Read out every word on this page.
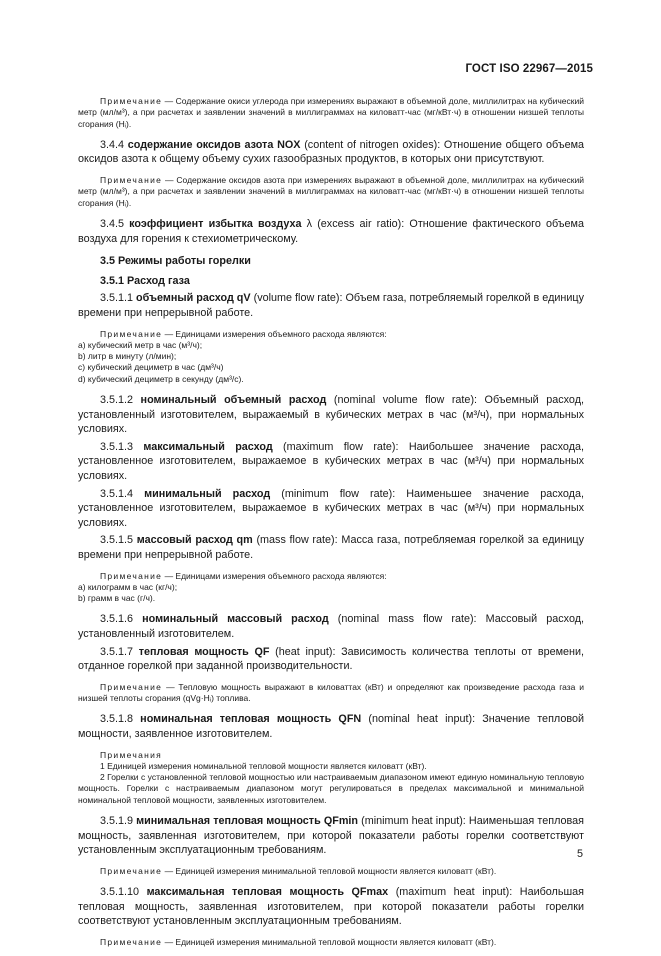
ГОСТ ISO 22967—2015

Примечание — Содержание окиси углерода при измерениях выражают в объемной доле, миллилитрах на кубический метр (мл/м³), а при расчетах и заявлении значений в миллиграммах на киловатт-час (мг/кВт·ч) в отношении низшей теплоты сгорания (Hᵢ).

3.4.4 содержание оксидов азота NOX (content of nitrogen oxides): Отношение общего объема оксидов азота к общему объему сухих газообразных продуктов, в которых они присутствуют.

Примечание — Содержание оксидов азота при измерениях выражают в объемной доле, миллилитрах на кубический метр (мл/м³), а при расчетах и заявлении значений в миллиграммах на киловатт-час (мг/кВт·ч) в отношении низшей теплоты сгорания (Hᵢ).

3.4.5 коэффициент избытка воздуха λ (excess air ratio): Отношение фактического объема воздуха для горения к стехиометрическому.

3.5 Режимы работы горелки
3.5.1 Расход газа

3.5.1.1 объемный расход qV (volume flow rate): Объем газа, потребляемый горелкой в единицу времени при непрерывной работе.

Примечание — Единицами измерения объемного расхода являются:

а) кубический метр в час (м³/ч);

b) литр в минуту (л/мин);

с) кубический дециметр в час (дм³/ч)

d) кубический дециметр в секунду (дм³/с).

3.5.1.2 номинальный объемный расход (nominal volume flow rate): Объемный расход, установленный изготовителем, выражаемый в кубических метрах в час (м³/ч), при нормальных условиях.

3.5.1.3 максимальный расход (maximum flow rate): Наибольшее значение расхода, установленное изготовителем, выражаемое в кубических метрах в час (м³/ч) при нормальных условиях.

3.5.1.4 минимальный расход (minimum flow rate): Наименьшее значение расхода, установленное изготовителем, выражаемое в кубических метрах в час (м³/ч) при нормальных условиях.

3.5.1.5 массовый расход qm (mass flow rate): Масса газа, потребляемая горелкой за единицу времени при непрерывной работе.

Примечание — Единицами измерения объемного расхода являются:

а) килограмм в час (кг/ч);

b) грамм в час (г/ч).

3.5.1.6 номинальный массовый расход (nominal mass flow rate): Массовый расход, установленный изготовителем.

3.5.1.7 тепловая мощность QF (heat input): Зависимость количества теплоты от времени, отданное горелкой при заданной производительности.

Примечание — Тепловую мощность выражают в киловаттах (кВт) и определяют как произведение расхода газа и низшей теплоты сгорания (qVg·Hᵢ) топлива.

3.5.1.8 номинальная тепловая мощность QFN (nominal heat input): Значение тепловой мощности, заявленное изготовителем.

Примечания

1 Единицей измерения номинальной тепловой мощности является киловатт (кВт).

2 Горелки с установленной тепловой мощностью или настраиваемым диапазоном имеют единую номинальную тепловую мощность. Горелки с настраиваемым диапазоном могут регулироваться в пределах максимальной и минимальной номинальной тепловой мощности, заявленных изготовителем.

3.5.1.9 минимальная тепловая мощность QFmin (minimum heat input): Наименьшая тепловая мощность, заявленная изготовителем, при которой показатели работы горелки соответствуют установленным эксплуатационным требованиям.

Примечание — Единицей измерения минимальной тепловой мощности является киловатт (кВт).

3.5.1.10 максимальная тепловая мощность QFmax (maximum heat input): Наибольшая тепловая мощность, заявленная изготовителем, при которой показатели работы горелки соответствуют установленным эксплуатационным требованиям.

Примечание — Единицей измерения минимальной тепловой мощности является киловатт (кВт).

5
